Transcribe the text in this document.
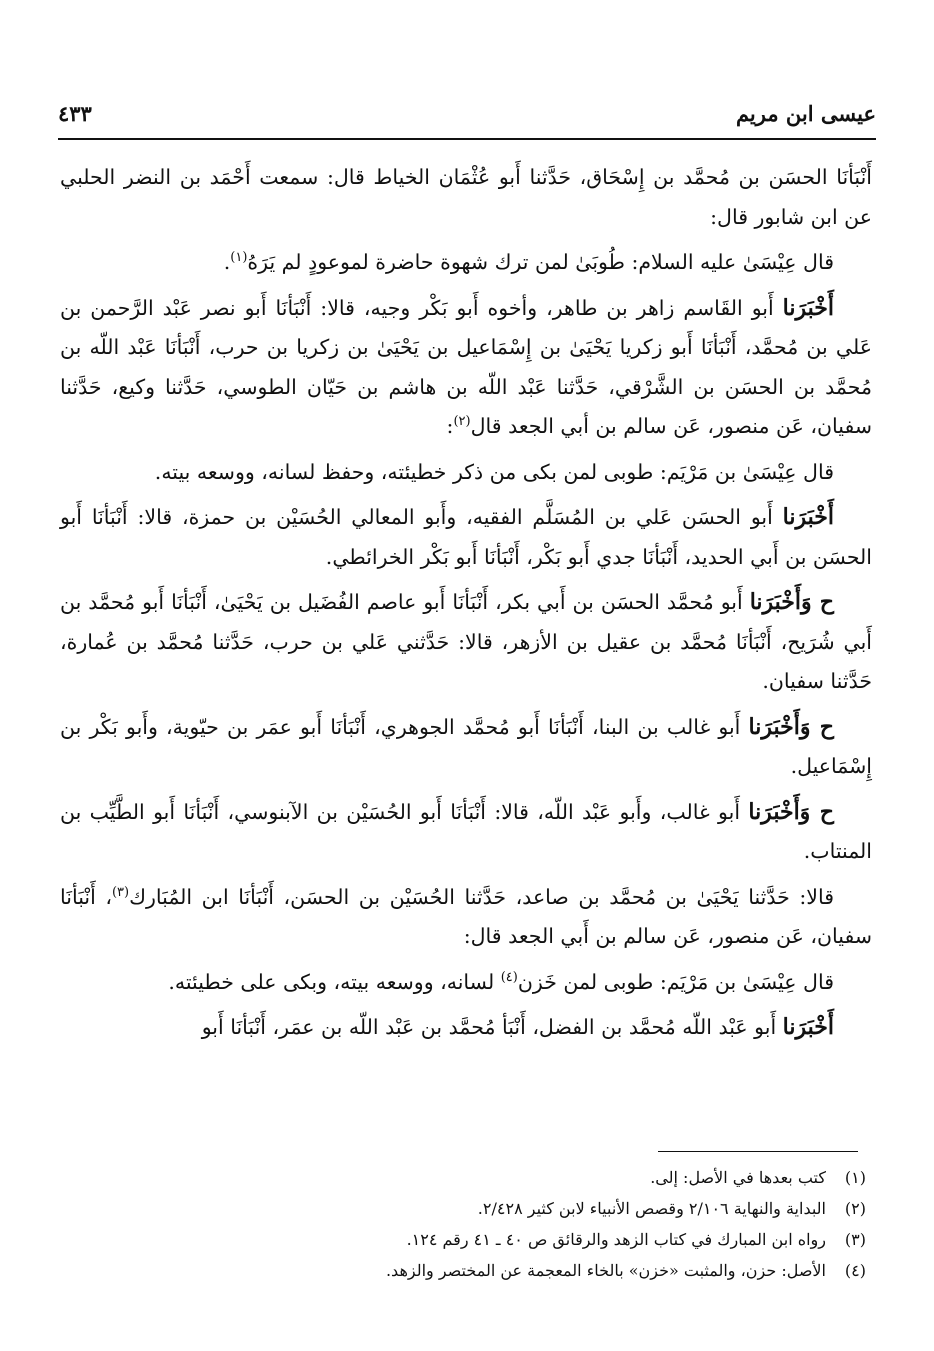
عيسى ابن مريم
٤٣٣

أَنْبَأنَا الحسَن بن مُحمَّد بن إِسْحَاق، حَدَّثنا أَبو عُثْمَان الخياط قال: سمعت أَحْمَد بن النضر الحلبي عن ابن شابور قال:

قال عِيْسَىٰ عليه السلام: طُوبَىٰ لمن ترك شهوة حاضرة لموعودٍ لم يَرَهُ$^{(١)}$.

أَخْبَرَنا أَبو القَاسم زاهر بن طاهر، وأخوه أَبو بَكْر وجيه، قالا: أَنْبَأنَا أَبو نصر عَبْد الرَّحمن بن عَلي بن مُحمَّد، أَنْبَأنَا أَبو زكريا يَحْيَىٰ بن إِسْمَاعيل بن يَحْيَىٰ بن زكريا بن حرب، أَنْبَأنَا عَبْد اللّه بن مُحمَّد بن الحسَن بن الشَّرْقي، حَدَّثنا عَبْد اللّه بن هاشم بن حَيّان الطوسي، حَدَّثنا وكيع، حَدَّثنا سفيان، عَن منصور، عَن سالم بن أبي الجعد قال$^{(٢)}$:

قال عِيْسَىٰ بن مَرْيَم: طوبى لمن بكى من ذكر خطيئته، وحفظ لسانه، ووسعه بيته.

أَخْبَرَنا أَبو الحسَن عَلي بن المُسَلَّم الفقيه، وأَبو المعالي الحُسَيْن بن حمزة، قالا: أَنْبَأنَا أَبو الحسَن بن أَبي الحديد، أَنْبَأنَا جدي أَبو بَكْر، أَنْبَأنَا أَبو بَكْر الخرائطي.

ح وَأَخْبَرَنا أَبو مُحمَّد الحسَن بن أَبي بكر، أَنْبَأنَا أَبو عاصم الفُضَيل بن يَحْيَىٰ، أَنْبَأنَا أَبو مُحمَّد بن أَبي شُرَيح، أَنْبَأنَا مُحمَّد بن عقيل بن الأزهر، قالا: حَدَّثني عَلي بن حرب، حَدَّثنا مُحمَّد بن عُمارة، حَدَّثنا سفيان.

ح وَأَخْبَرَنا أَبو غالب بن البنا، أَنْبَأنَا أَبو مُحمَّد الجوهري، أَنْبَأنَا أَبو عمَر بن حيّوية، وأَبو بَكْر بن إِسْمَاعيل.

ح وَأَخْبَرَنا أَبو غالب، وأَبو عَبْد اللّه، قالا: أَنْبَأنَا أَبو الحُسَيْن بن الآبنوسي، أَنْبَأنَا أَبو الطَّيِّب بن المنتاب.

قالا: حَدَّثنا يَحْيَىٰ بن مُحمَّد بن صاعد، حَدَّثنا الحُسَيْن بن الحسَن، أَنْبَأنَا ابن المُبَارك$^{(٣)}$، أَنْبَأنَا سفيان، عَن منصور، عَن سالم بن أَبي الجعد قال:

قال عِيْسَىٰ بن مَرْيَم: طوبى لمن خَزن$^{(٤)}$ لسانه، ووسعه بيته، وبكى على خطيئته.

أَخْبَرَنا أَبو عَبْد اللّه مُحمَّد بن الفضل، أَنْبَأ مُحمَّد بن عَبْد اللّه بن عمَر، أَنْبَأنَا أَبو

(١)
كتب بعدها في الأصل: إلى.
(٢)
البداية والنهاية ٢/١٠٦ وقصص الأنبياء لابن كثير ٢/٤٢٨.
(٣)
رواه ابن المبارك في كتاب الزهد والرقائق ص ٤٠ ـ ٤١ رقم ١٢٤.
(٤)
الأصل: حزن، والمثبت «خزن» بالخاء المعجمة عن المختصر والزهد.
